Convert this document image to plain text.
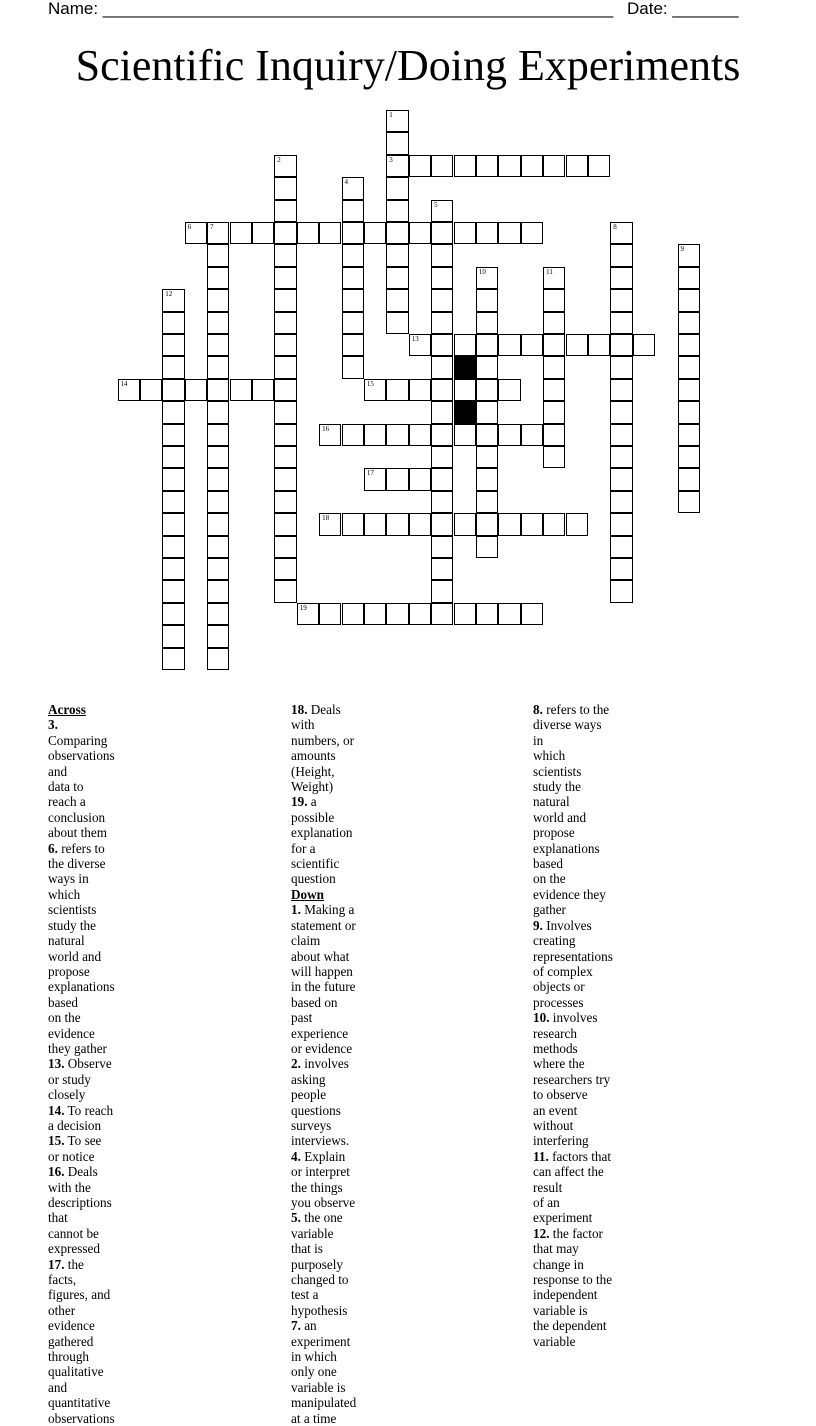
Name: ______________________________________________________ Date: _______
Scientific Inquiry/Doing Experiments
1
2	3
4
5
6	7	8
9
10	11
12
13
14	15
16
17
18
19
Across
3. Comparing observations and
data to reach a conclusion about them
6. refers to the diverse ways in
which scientists study the natural
world and propose explanations based
on the evidence they gather
13. Observe or study closely
14. To reach a decision
15. To see or notice
16. Deals with the descriptions that
cannot be expressed
17. the facts, figures, and other
evidence gathered through qualitative
and quantitative observations
18. Deals with numbers, or amounts
(Height, Weight)
19. a possible explanation for a
scientific question
Down
1. Making a statement or claim
about what will happen in the future
based on past experience or evidence
2. involves asking people questions
surveys interviews.
4. Explain or interpret the things
you observe
5. the one variable that is purposely
changed to test a hypothesis
7. an experiment in which only one
variable is manipulated at a time
8. refers to the diverse ways in
which scientists study the natural
world and propose explanations based
on the evidence they gather
9. Involves creating representations
of complex objects or processes
10. involves research methods
where the researchers try to observe
an event without interfering
11. factors that can affect the result
of an experiment
12. the factor that may change in
response to the independent variable is
the dependent variable
